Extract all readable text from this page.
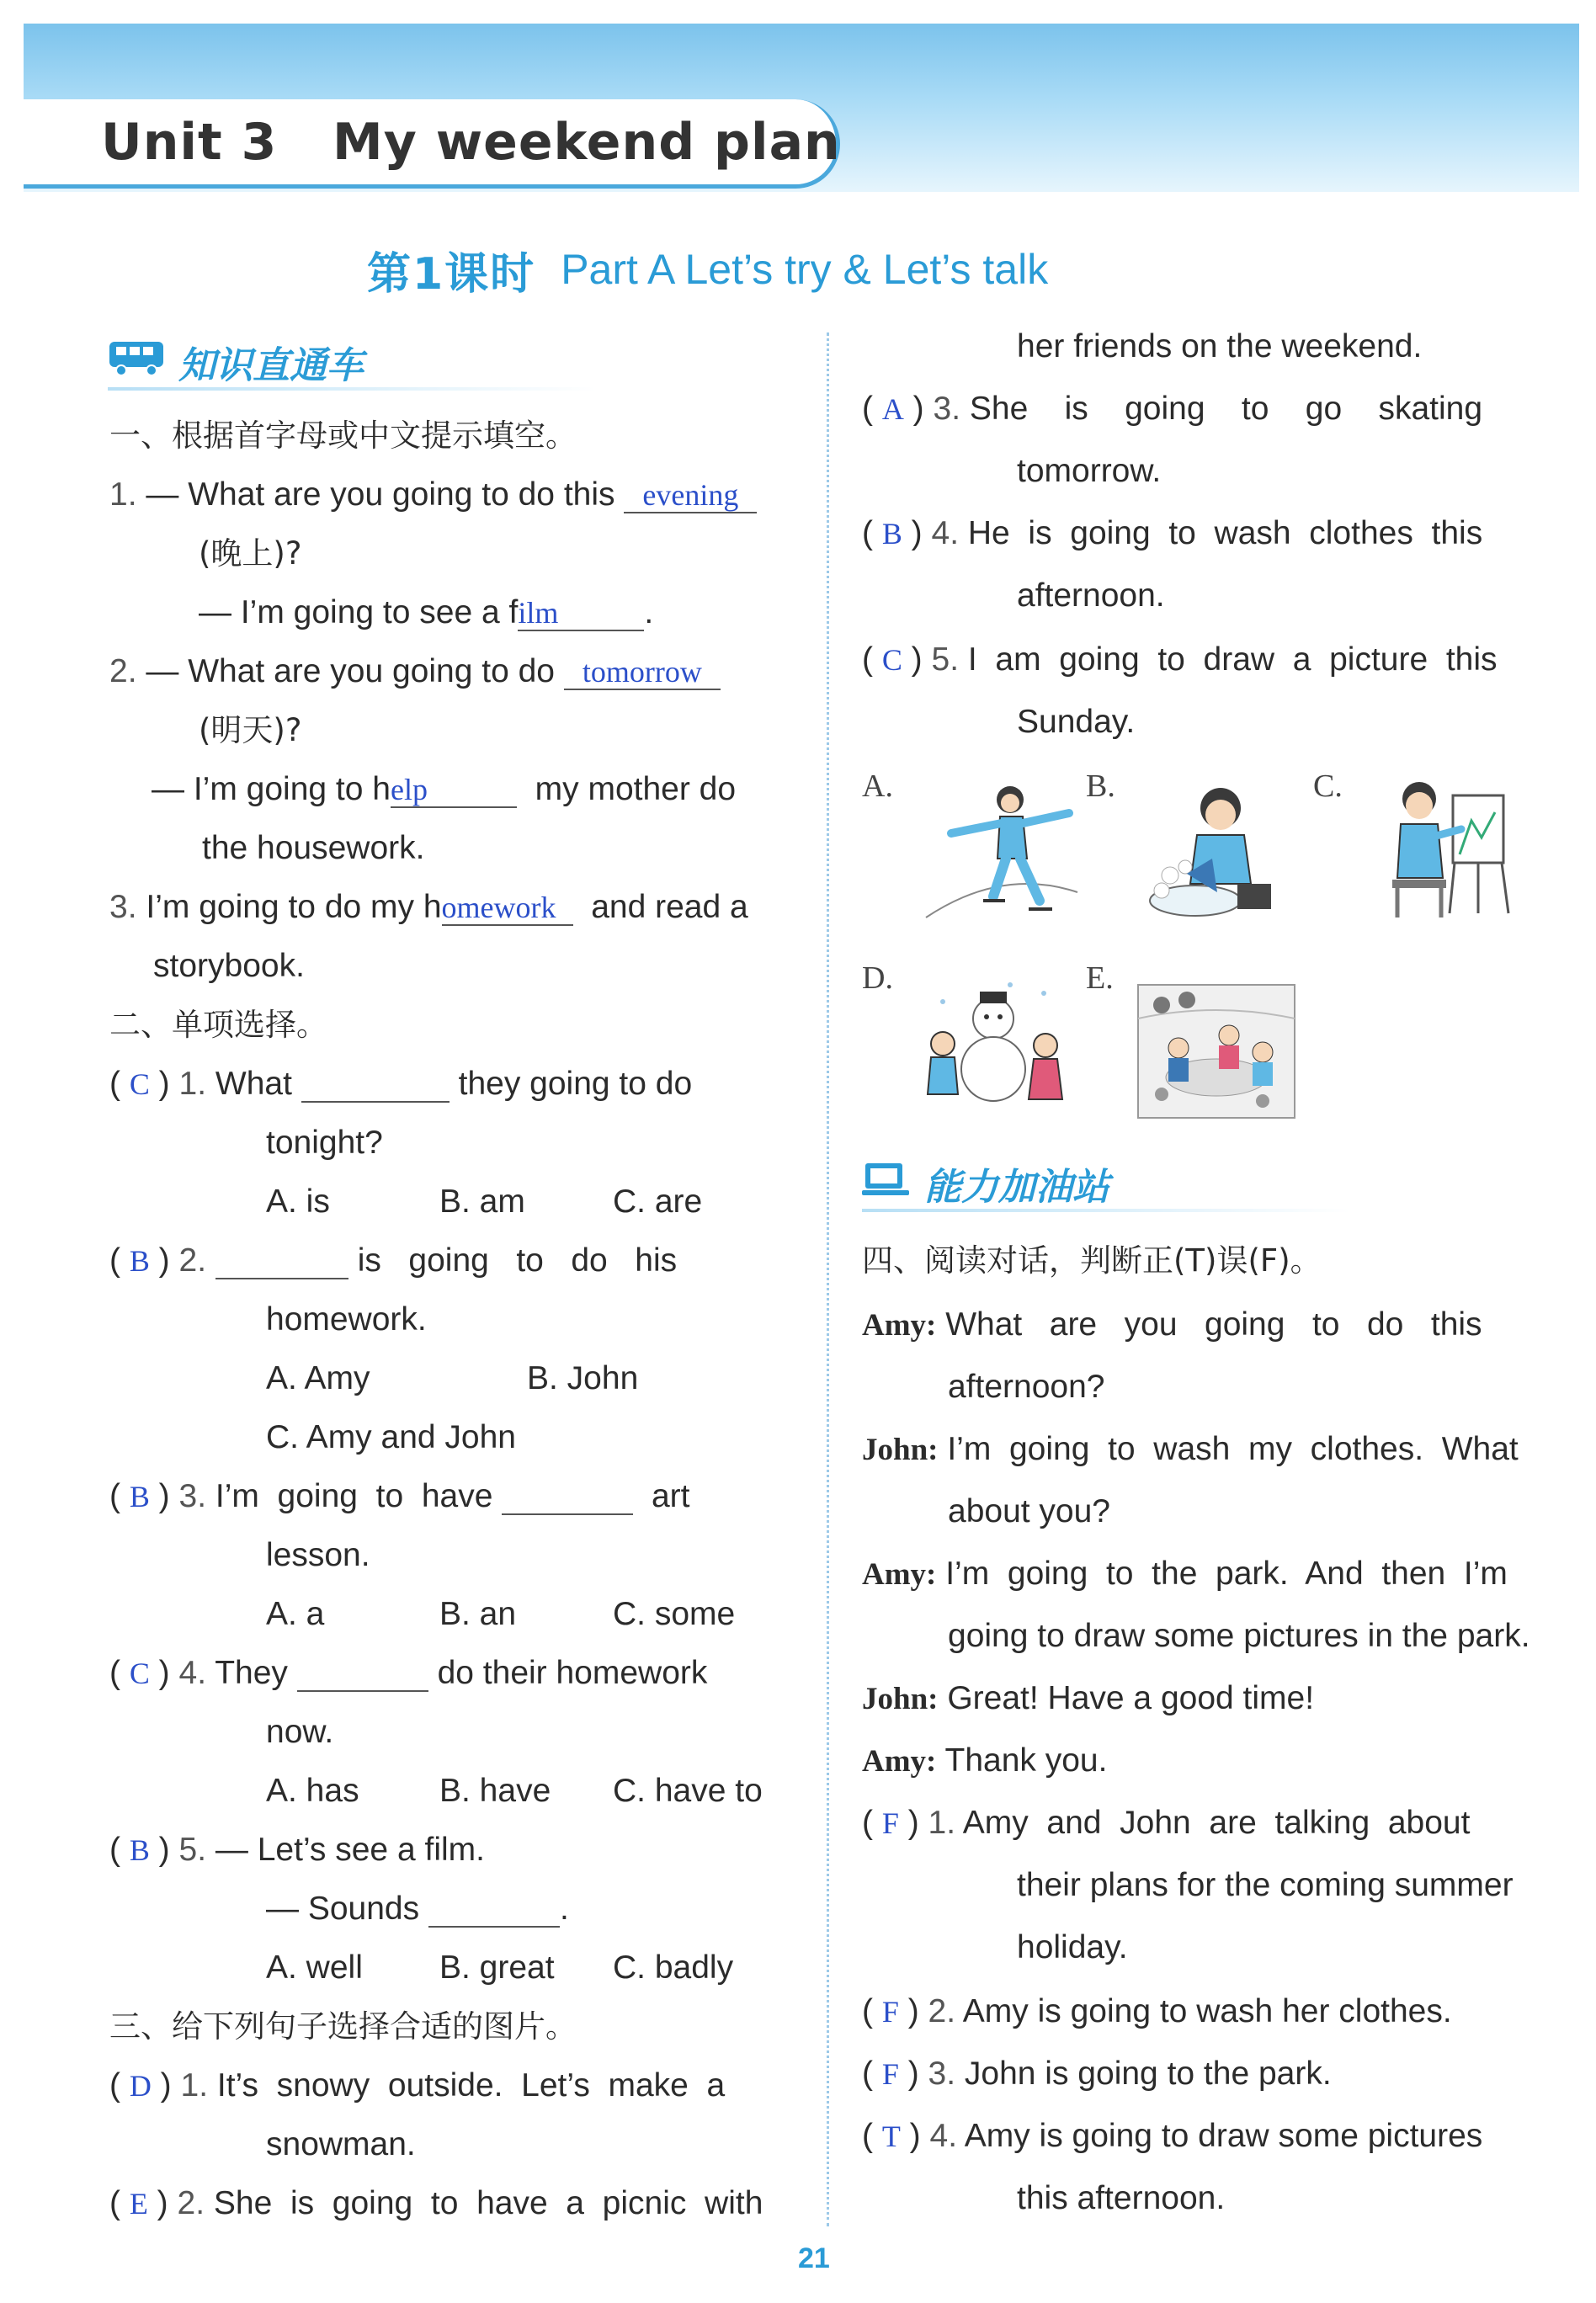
Unit 3   My weekend plan
第1课时 Part A Let’s try & Let’s talk
知识直通车

一、根据首字母或中文提示填空。

1. — What are you going to do this evening

(晚上)?

— I’m going to see a film	.

2. — What are you going to do tomorrow

(明天)?

— I’m going to help	my mother do

the housework.

3. I’m going to do my homework and read a

storybook.

二、单项选择。

( C ) 1. What	they going to do

tonight?

A. is	B. am	C. are

( B ) 2.	is   going   to   do   his

homework.

A. Amy	B. John

C. Amy and John

( B ) 3. I’m  going  to  have	art

lesson.

A. a	B. an	C. some

( C ) 4. They	do their homework

now.

A. has B. have C. have to

( B ) 5. — Let’s see a film.

— Sounds	.

A. well B. great C. badly

三、给下列句子选择合适的图片。

( D ) 1. It’s  snowy  outside.  Let’s  make  a

snowman.

( E ) 2. She  is  going  to  have  a  picnic  with

her friends on the weekend.

( A ) 3. She    is    going    to    go    skating

tomorrow.

( B ) 4. He  is  going  to  wash  clothes  this

afternoon.

( C ) 5. I  am  going  to  draw  a  picture  this

Sunday.

A.	B.	C.
D.	E.
能力加油站

四、阅读对话，判断正(T)误(F)。

Amy: What   are   you   going   to   do   this

afternoon?

John: I’m  going  to  wash  my  clothes.  What

about you?

Amy: I’m  going  to  the  park.  And  then  I’m

going to draw some pictures in the park.

John: Great! Have a good time!

Amy: Thank you.

( F ) 1. Amy  and  John  are  talking  about

their plans for the coming summer

holiday.

( F ) 2. Amy is going to wash her clothes.

( F ) 3. John is going to the park.

( T ) 4. Amy is going to draw some pictures

this afternoon.

21
